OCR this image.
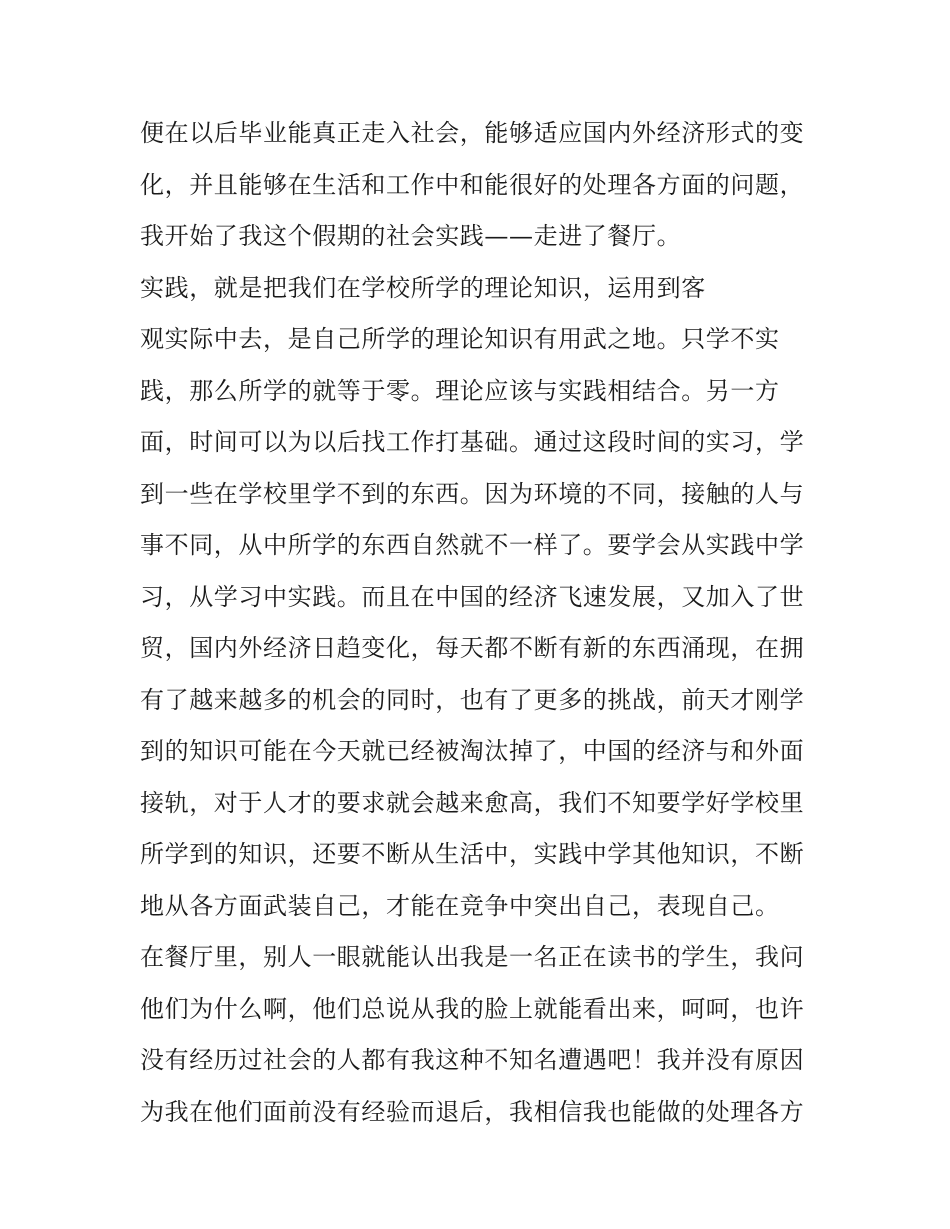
便在以后毕业能真正走入社会，能够适应国内外经济形式的变
化，并且能够在生活和工作中和能很好的处理各方面的问题，
我开始了我这个假期的社会实践——走进了餐厅。
实践，就是把我们在学校所学的理论知识，运用到客
观实际中去，是自己所学的理论知识有用武之地。只学不实
践，那么所学的就等于零。理论应该与实践相结合。另一方
面，时间可以为以后找工作打基础。通过这段时间的实习，学
到一些在学校里学不到的东西。因为环境的不同，接触的人与
事不同，从中所学的东西自然就不一样了。要学会从实践中学
习，从学习中实践。而且在中国的经济飞速发展，又加入了世
贸，国内外经济日趋变化，每天都不断有新的东西涌现，在拥
有了越来越多的机会的同时，也有了更多的挑战，前天才刚学
到的知识可能在今天就已经被淘汰掉了，中国的经济与和外面
接轨，对于人才的要求就会越来愈高，我们不知要学好学校里
所学到的知识，还要不断从生活中，实践中学其他知识，不断
地从各方面武装自己，才能在竞争中突出自己，表现自己。
在餐厅里，别人一眼就能认出我是一名正在读书的学生，我问
他们为什么啊，他们总说从我的脸上就能看出来，呵呵，也许
没有经历过社会的人都有我这种不知名遭遇吧！我并没有原因
为我在他们面前没有经验而退后，我相信我也能做的处理各方
